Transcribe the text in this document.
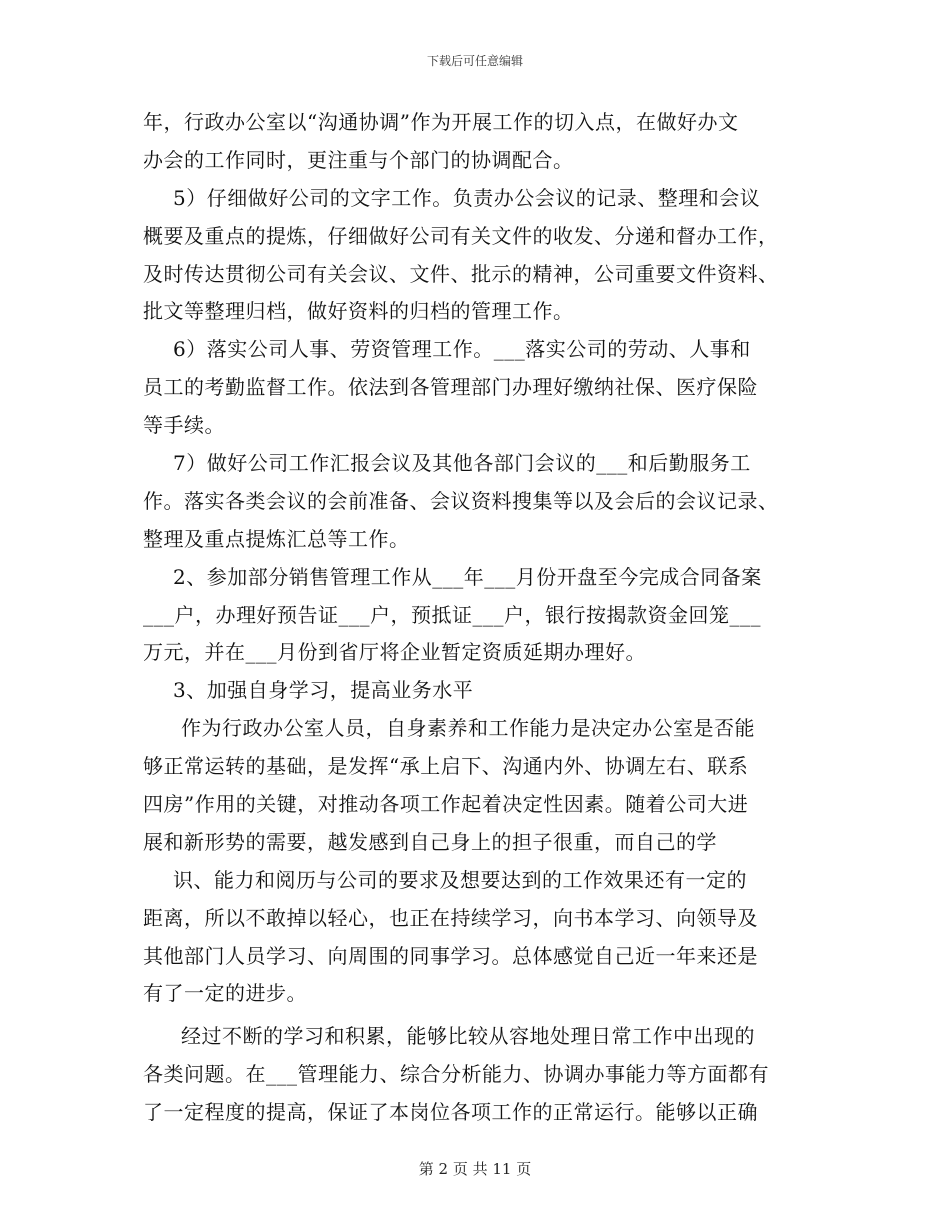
下载后可任意编辑
年，行政办公室以“沟通协调”作为开展工作的切入点，在做好办文
办会的工作同时，更注重与个部门的协调配合。
5）仔细做好公司的文字工作。负责办公会议的记录、整理和会议
概要及重点的提炼，仔细做好公司有关文件的收发、分递和督办工作，
及时传达贯彻公司有关会议、文件、批示的精神，公司重要文件资料、
批文等整理归档，做好资料的归档的管理工作。
6）落实公司人事、劳资管理工作。___落实公司的劳动、人事和
员工的考勤监督工作。依法到各管理部门办理好缴纳社保、医疗保险
等手续。
7）做好公司工作汇报会议及其他各部门会议的___和后勤服务工
作。落实各类会议的会前准备、会议资料搜集等以及会后的会议记录、
整理及重点提炼汇总等工作。
2、参加部分销售管理工作从___年___月份开盘至今完成合同备案
___户，办理好预告证___户，预抵证___户，银行按揭款资金回笼___
万元，并在___月份到省厅将企业暂定资质延期办理好。
3、加强自身学习，提高业务水平
作为行政办公室人员，自身素养和工作能力是决定办公室是否能
够正常运转的基础，是发挥“承上启下、沟通内外、协调左右、联系
四房”作用的关键，对推动各项工作起着决定性因素。随着公司大进
展和新形势的需要，越发感到自己身上的担子很重，而自己的学
识、能力和阅历与公司的要求及想要达到的工作效果还有一定的
距离，所以不敢掉以轻心，也正在持续学习，向书本学习、向领导及
其他部门人员学习、向周围的同事学习。总体感觉自己近一年来还是
有了一定的进步。
经过不断的学习和积累，能够比较从容地处理日常工作中出现的
各类问题。在___管理能力、综合分析能力、协调办事能力等方面都有
了一定程度的提高，保证了本岗位各项工作的正常运行。能够以正确
第 2 页 共 11 页
